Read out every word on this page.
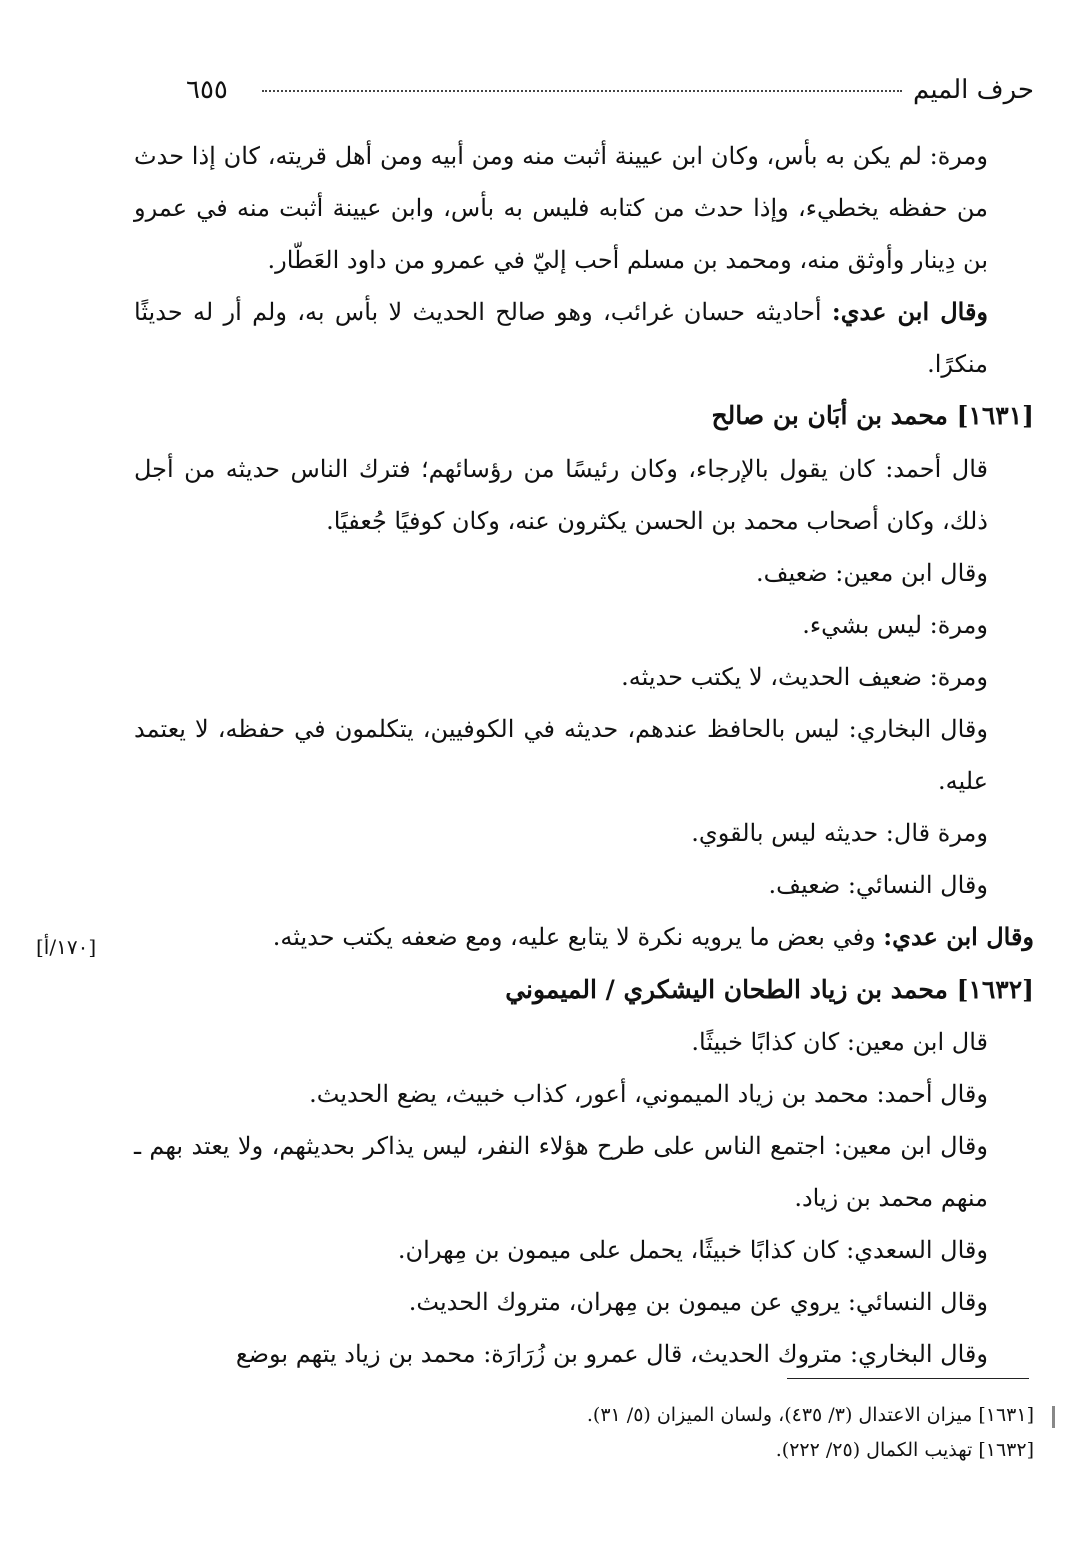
حرف الميم
٦٥٥

ومرة: لم يكن به بأس، وكان ابن عيينة أثبت منه ومن أبيه ومن أهل قريته، كان إذا حدث من حفظه يخطيء، وإذا حدث من كتابه فليس به بأس، وابن عيينة أثبت منه في عمرو بن دِينار وأوثق منه، ومحمد بن مسلم أحب إليّ في عمرو من داود العَطّار.

وقال ابن عدي: أحاديثه حسان غرائب، وهو صالح الحديث لا بأس به، ولم أر له حديثًا منكرًا.

[١٦٣١] محمد بن أبَان بن صالح

قال أحمد: كان يقول بالإرجاء، وكان رئيسًا من رؤسائهم؛ فترك الناس حديثه من أجل ذلك، وكان أصحاب محمد بن الحسن يكثرون عنه، وكان كوفيًا جُعفيًا.

وقال ابن معين: ضعيف.

ومرة: ليس بشيء.

ومرة: ضعيف الحديث، لا يكتب حديثه.

وقال البخاري: ليس بالحافظ عندهم، حديثه في الكوفيين، يتكلمون في حفظه، لا يعتمد عليه.

ومرة قال: حديثه ليس بالقوي.

وقال النسائي: ضعيف.

وقال ابن عدي: وفي بعض ما يرويه نكرة لا يتابع عليه، ومع ضعفه يكتب حديثه.

[١٦٣٢] محمد بن زياد الطحان اليشكري / الميموني

قال ابن معين: كان كذابًا خبيثًا.

وقال أحمد: محمد بن زياد الميموني، أعور، كذاب خبيث، يضع الحديث.

وقال ابن معين: اجتمع الناس على طرح هؤلاء النفر، ليس يذاكر بحديثهم، ولا يعتد بهم ـ منهم محمد بن زياد.

وقال السعدي: كان كذابًا خبيثًا، يحمل على ميمون بن مِهران.

وقال النسائي: يروي عن ميمون بن مِهران، متروك الحديث.

وقال البخاري: متروك الحديث، قال عمرو بن زُرَارَة: محمد بن زياد يتهم بوضع

[١٧٠/أ]

[١٦٣١] ميزان الاعتدال (٣/ ٤٣٥)، ولسان الميزان (٥/ ٣١).

[١٦٣٢] تهذيب الكمال (٢٥/ ٢٢٢).
